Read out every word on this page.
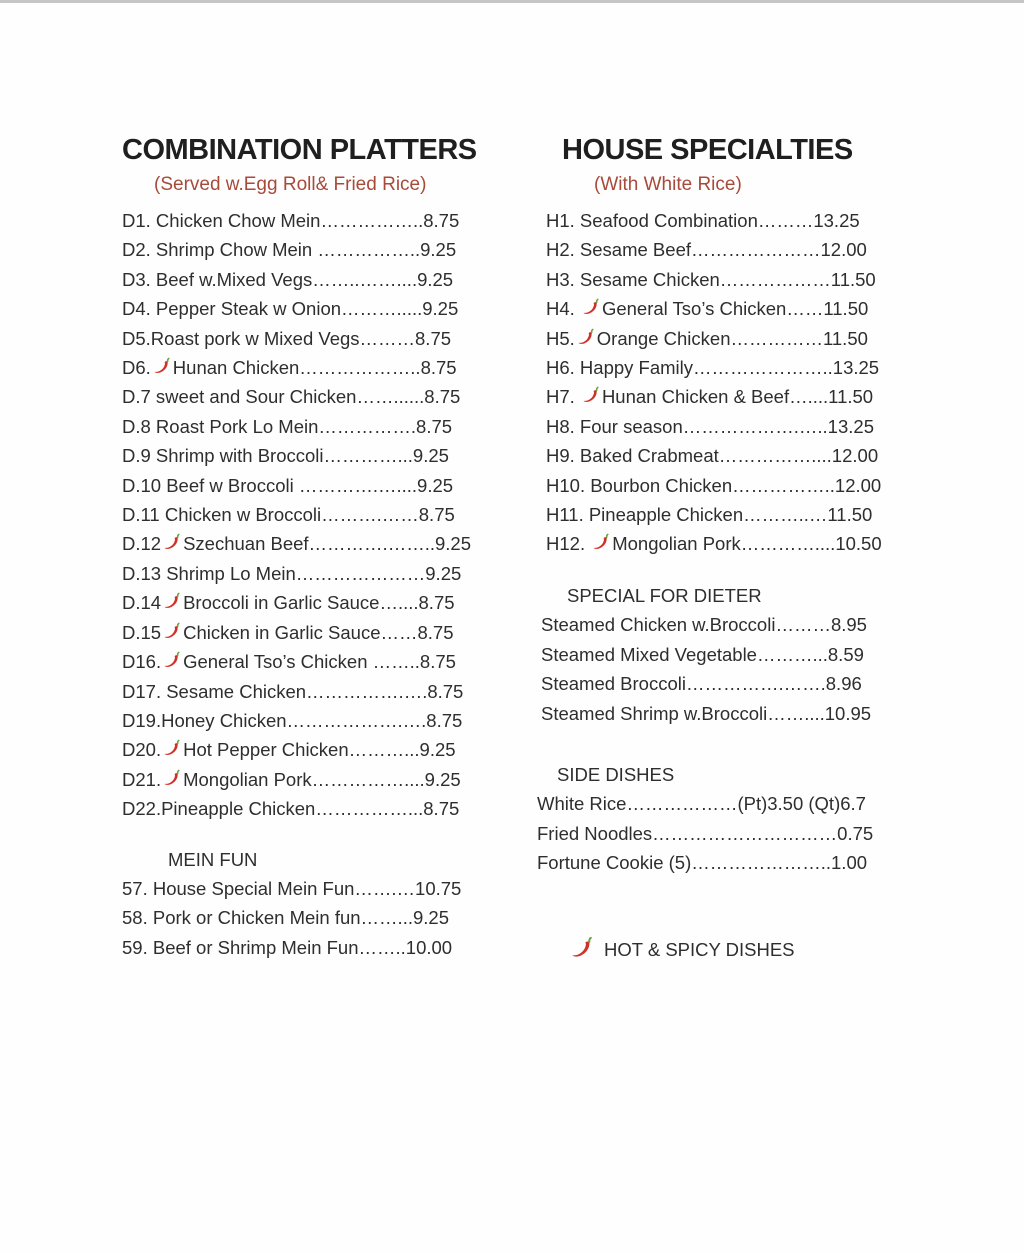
COMBINATION PLATTERS
(Served w.Egg Roll& Fried Rice)
D1. Chicken Chow Mein……………..8.75
D2. Shrimp Chow Mein ……………..9.25
D3. Beef w.Mixed Vegs……..……....9.25
D4. Pepper Steak w Onion……….....9.25
D5.Roast pork w Mixed Vegs………8.75
D6. Hunan Chicken………………..8.75
D.7 sweet and Sour Chicken……......8.75
D.8 Roast Pork Lo Mein…………….8.75
D.9 Shrimp with Broccoli…………...9.25
D.10 Beef w Broccoli ………….…....9.25
D.11 Chicken w Broccoli……….……8.75
D.12 Szechuan Beef………….……..9.25
D.13 Shrimp Lo Mein…………………9.25
D.14 Broccoli in Garlic Sauce…....8.75
D.15 Chicken in Garlic Sauce……8.75
D16. General Tso’s Chicken ……..8.75
D17. Sesame Chicken…………….….8.75
D19.Honey Chicken……………….….8.75
D20. Hot Pepper Chicken………...9.25
D21. Mongolian Pork……………....9.25
D22.Pineapple Chicken……………...8.75
MEIN FUN
57. House Special Mein Fun…….…10.75
58. Pork or Chicken Mein fun……...9.25
59. Beef or Shrimp Mein Fun……..10.00
HOUSE SPECIALTIES
(With White Rice)
H1. Seafood Combination………13.25
H2. Sesame Beef…………………12.00
H3. Sesame Chicken………………11.50
H4.
General Tso’s Chicken……11.50
H5. Orange Chicken……………11.50
H6. Happy Family…………………..13.25
H7.
Hunan Chicken & Beef…....11.50
H8. Four season……………….…..13.25
H9. Baked Crabmeat……………....12.00
H10. Bourbon Chicken……………..12.00
H11. Pineapple Chicken………..…11.50
H12.
Mongolian Pork…………....10.50
SPECIAL FOR DIETER
Steamed Chicken w.Broccoli………8.95
Steamed Mixed Vegetable………...8.59
Steamed Broccoli…………….…….8.96
Steamed Shrimp w.Broccoli……....10.95
SIDE DISHES
White Rice………………(Pt)3.50 (Qt)6.7
Fried Noodles…………………………0.75
Fortune Cookie (5)…………………..1.00

HOT & SPICY DISHES
